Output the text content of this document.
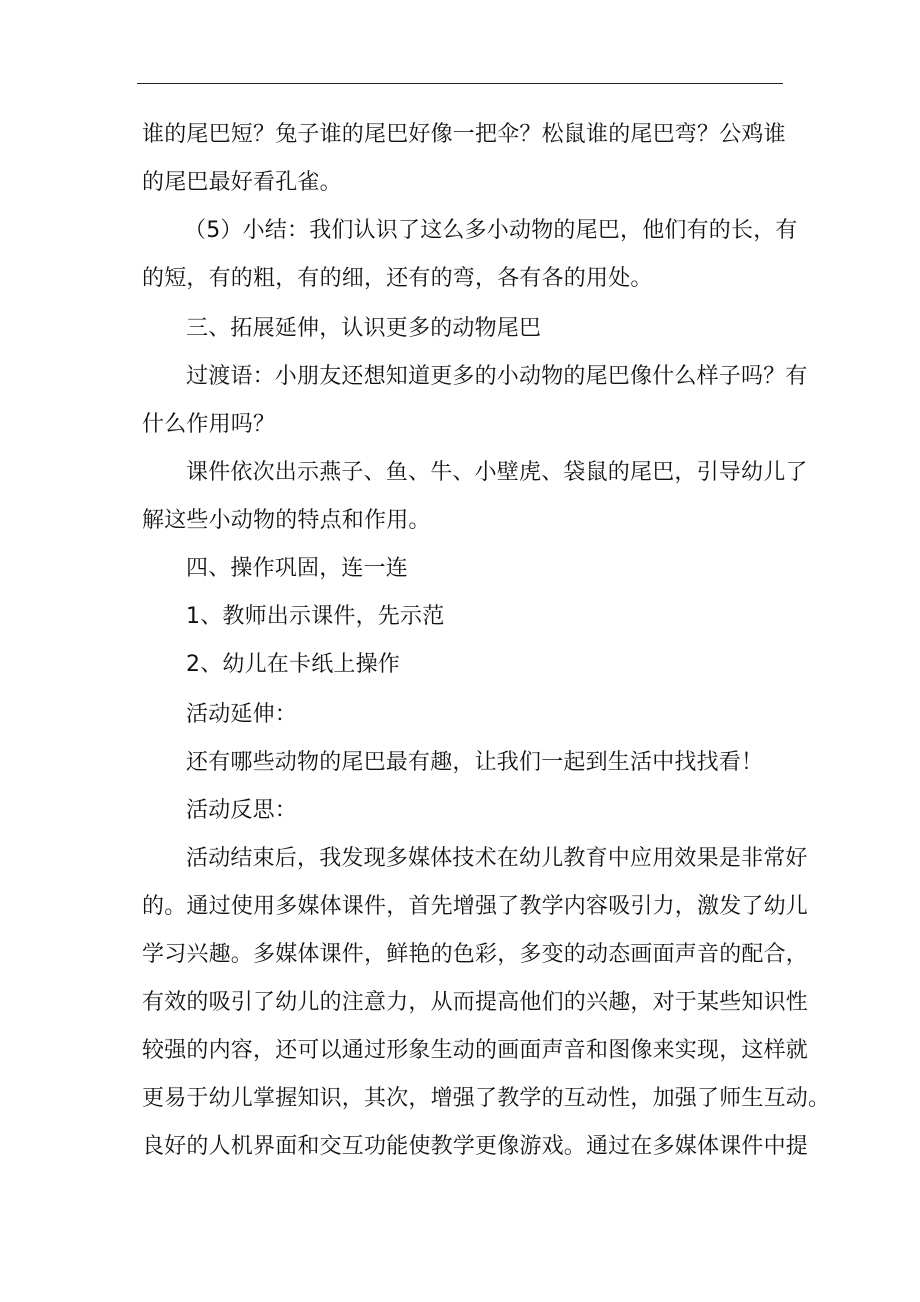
谁的尾巴短？兔子谁的尾巴好像一把伞？松鼠谁的尾巴弯？公鸡谁
的尾巴最好看孔雀。
（5）小结：我们认识了这么多小动物的尾巴，他们有的长，有
的短，有的粗，有的细，还有的弯，各有各的用处。
三、拓展延伸，认识更多的动物尾巴
过渡语：小朋友还想知道更多的小动物的尾巴像什么样子吗？有
什么作用吗？
课件依次出示燕子、鱼、牛、小壁虎、袋鼠的尾巴，引导幼儿了
解这些小动物的特点和作用。
四、操作巩固，连一连
1、教师出示课件，先示范
2、幼儿在卡纸上操作
活动延伸：
还有哪些动物的尾巴最有趣，让我们一起到生活中找找看！
活动反思：
活动结束后，我发现多媒体技术在幼儿教育中应用效果是非常好
的。通过使用多媒体课件，首先增强了教学内容吸引力，激发了幼儿
学习兴趣。多媒体课件，鲜艳的色彩，多变的动态画面声音的配合，
有效的吸引了幼儿的注意力，从而提高他们的兴趣，对于某些知识性
较强的内容，还可以通过形象生动的画面声音和图像来实现，这样就
更易于幼儿掌握知识，其次，增强了教学的互动性，加强了师生互动。
良好的人机界面和交互功能使教学更像游戏。通过在多媒体课件中提
